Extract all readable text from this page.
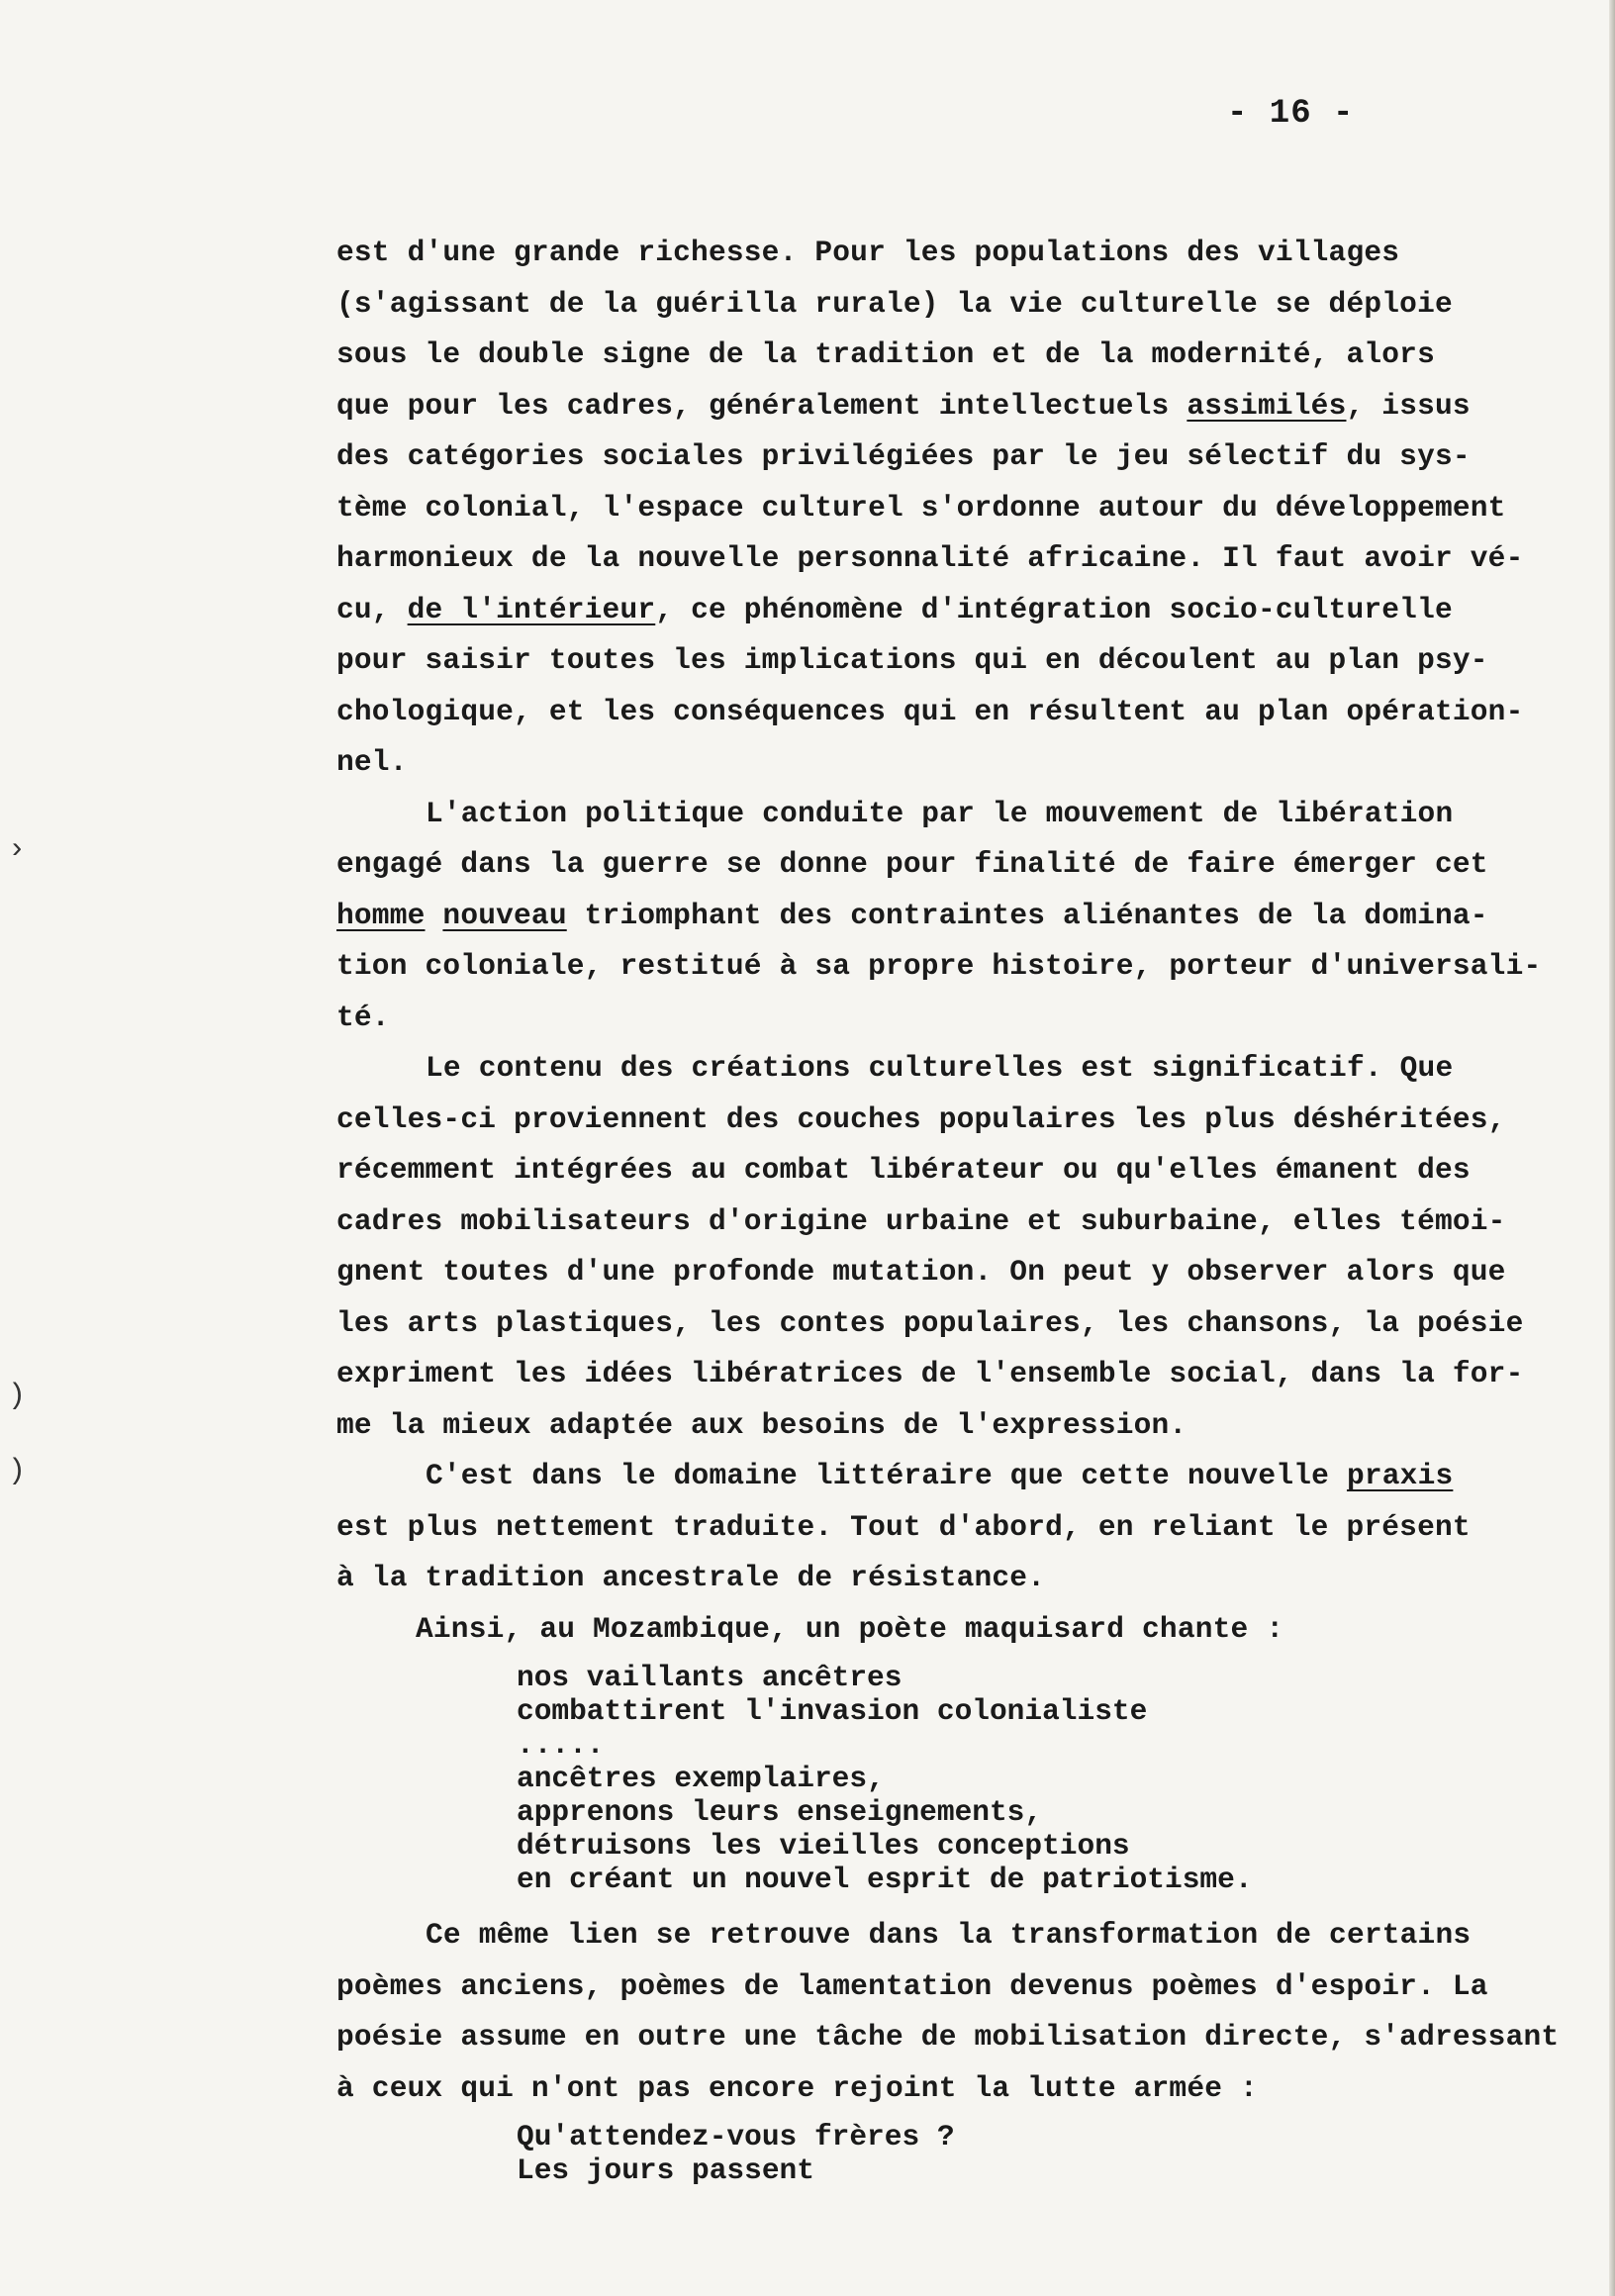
›
)
)
- 16 -
est d'une grande richesse. Pour les populations des villages
(s'agissant de la guérilla rurale) la vie culturelle se déploie
sous le double signe de la tradition et de la modernité, alors
que pour les cadres, généralement intellectuels assimilés, issus
des catégories sociales privilégiées par le jeu sélectif du sys-
tème colonial, l'espace culturel s'ordonne autour du développement
harmonieux de la nouvelle personnalité africaine. Il faut avoir vé-
cu, de l'intérieur, ce phénomène d'intégration socio-culturelle
pour saisir toutes les implications qui en découlent au plan psy-
chologique, et les conséquences qui en résultent au plan opération-
nel.
L'action politique conduite par le mouvement de libération
engagé dans la guerre se donne pour finalité de faire émerger cet
homme nouveau triomphant des contraintes aliénantes de la domina-
tion coloniale, restitué à sa propre histoire, porteur d'universali-
té.
Le contenu des créations culturelles est significatif. Que
celles-ci proviennent des couches populaires les plus déshéritées,
récemment intégrées au combat libérateur ou qu'elles émanent des
cadres mobilisateurs d'origine urbaine et suburbaine, elles témoi-
gnent toutes d'une profonde mutation. On peut y observer alors que
les arts plastiques, les contes populaires, les chansons, la poésie
expriment les idées libératrices de l'ensemble social, dans la for-
me la mieux adaptée aux besoins de l'expression.
C'est dans le domaine littéraire que cette nouvelle praxis
est plus nettement traduite. Tout d'abord, en reliant le présent
à la tradition ancestrale de résistance.
Ainsi, au Mozambique, un poète maquisard chante :
nos vaillants ancêtres
combattirent l'invasion colonialiste
.....
ancêtres exemplaires,
apprenons leurs enseignements,
détruisons les vieilles conceptions
en créant un nouvel esprit de patriotisme.
Ce même lien se retrouve dans la transformation de certains
poèmes anciens, poèmes de lamentation devenus poèmes d'espoir. La
poésie assume en outre une tâche de mobilisation directe, s'adressant
à ceux qui n'ont pas encore rejoint la lutte armée :
Qu'attendez-vous frères ?
Les jours passent
